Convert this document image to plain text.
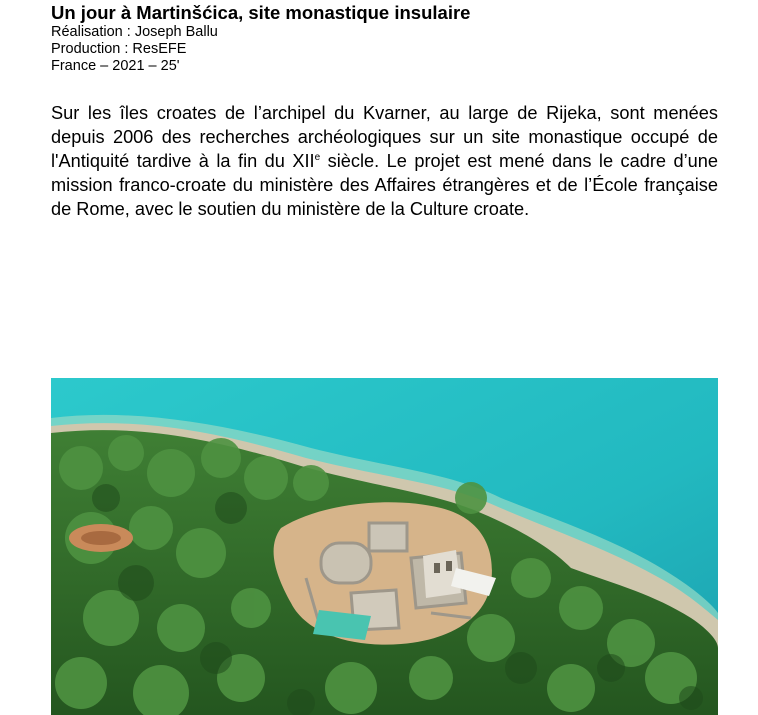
Un jour à Martinšćica, site monastique insulaire
Réalisation : Joseph Ballu
Production : ResEFE
France – 2021 – 25'

Sur les îles croates de l’archipel du Kvarner, au large de Rijeka, sont menées depuis 2006 des recherches archéologiques sur un site monastique occupé de l'Antiquité tardive à la fin du XIIe siècle. Le projet est mené dans le cadre d’une mission franco-croate du ministère des Affaires étrangères et de l’École française de Rome, avec le soutien du ministère de la Culture croate.
